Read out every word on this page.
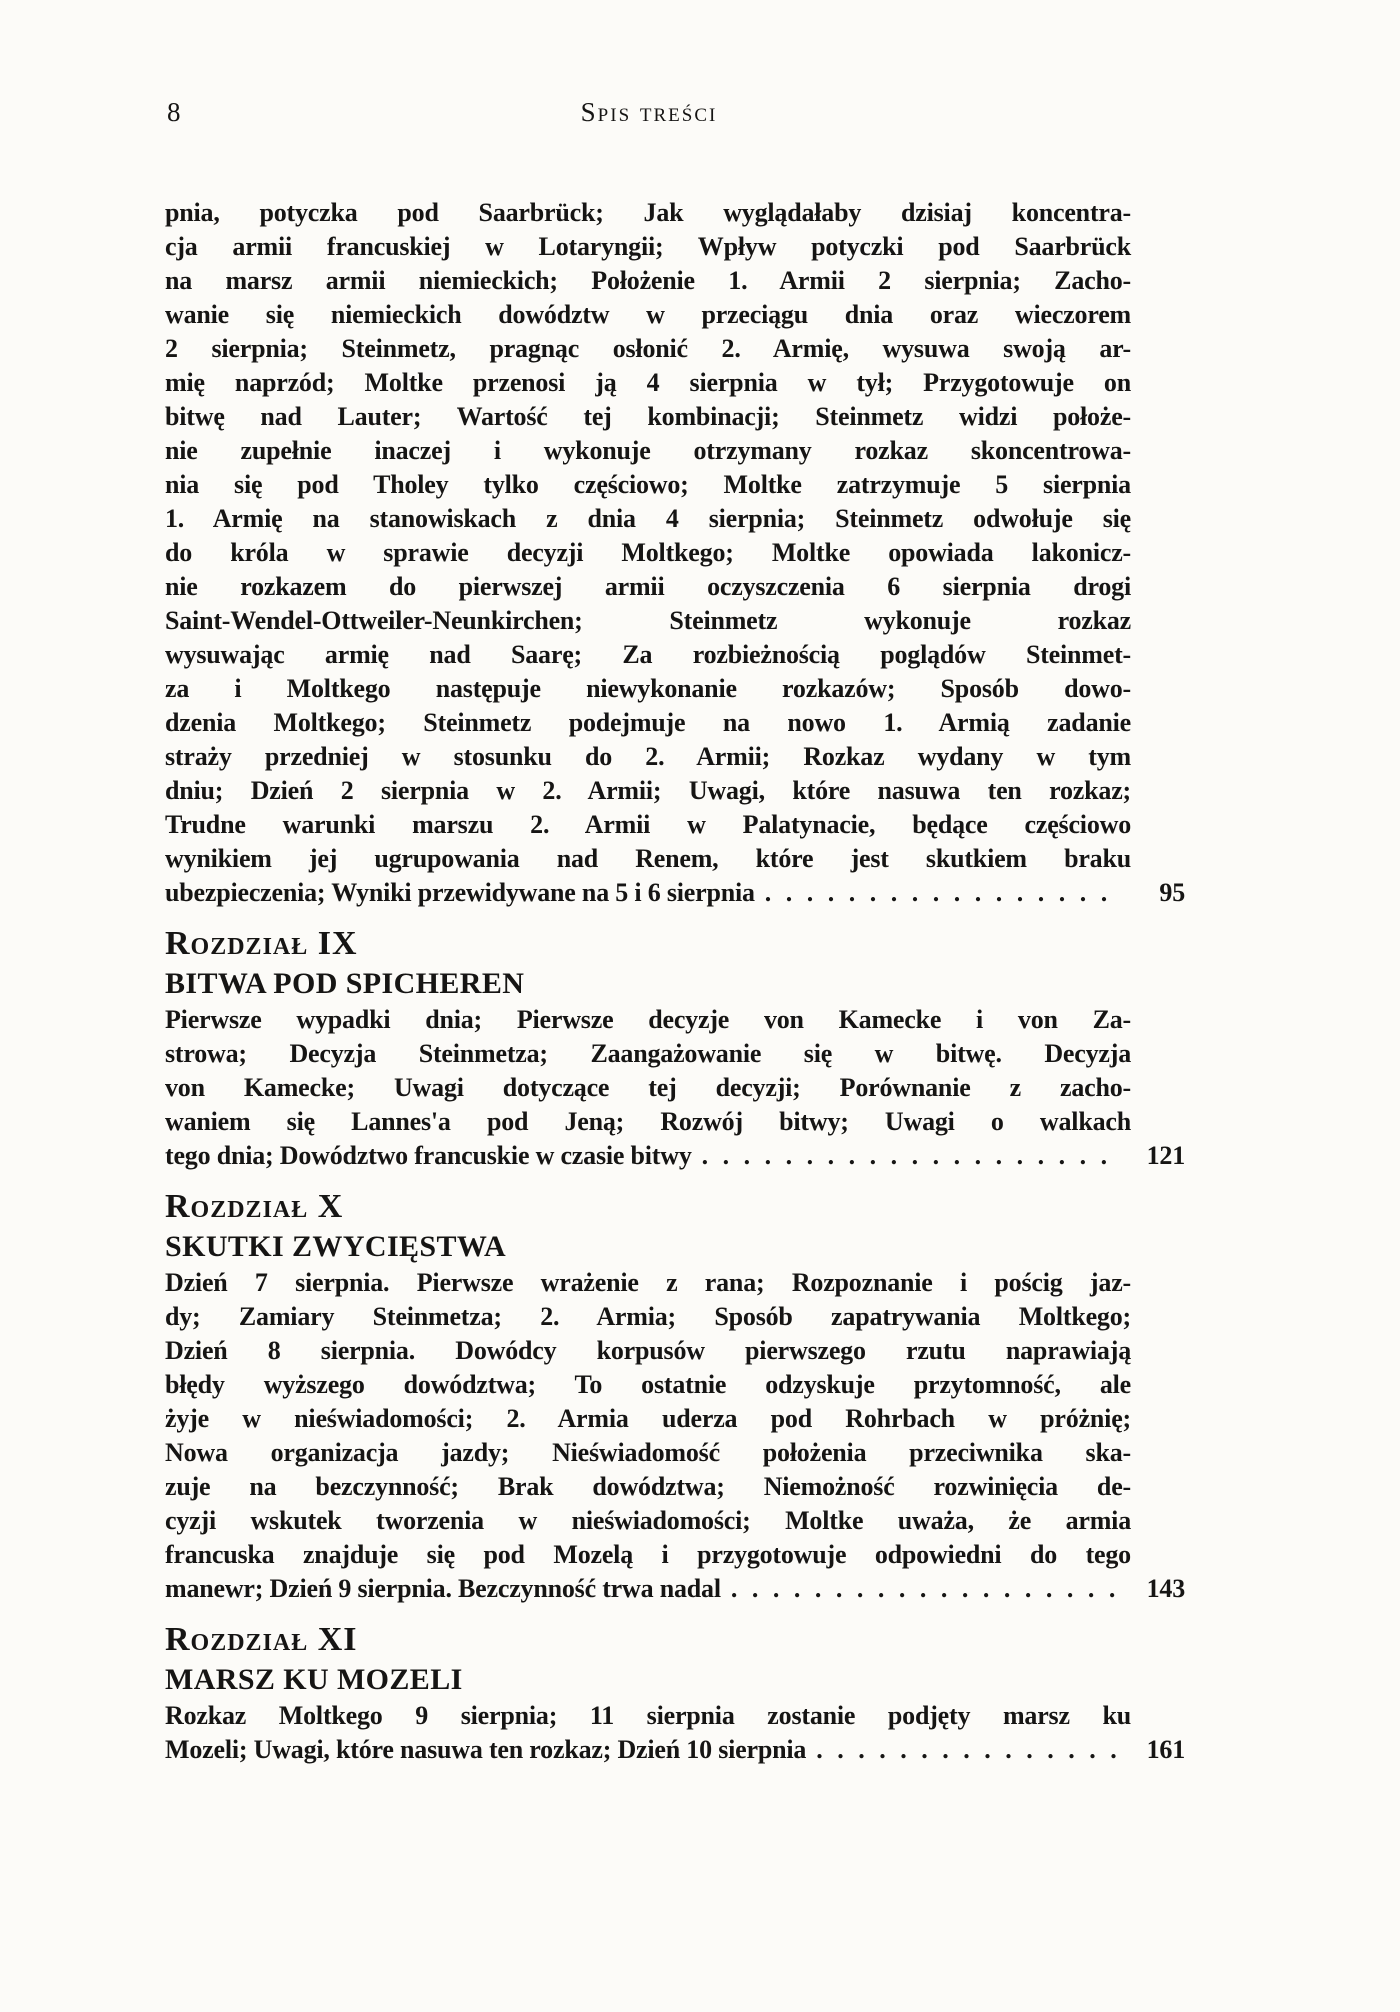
8	Spis treści
pnia, potyczka pod Saarbrück; Jak wyglądałaby dzisiaj koncentra-
cja armii francuskiej w Lotaryngii; Wpływ potyczki pod Saarbrück
na marsz armii niemieckich; Położenie 1. Armii 2 sierpnia; Zacho-
wanie się niemieckich dowództw w przeciągu dnia oraz wieczorem
2 sierpnia; Steinmetz, pragnąc osłonić 2. Armię, wysuwa swoją ar-
mię naprzód; Moltke przenosi ją 4 sierpnia w tył; Przygotowuje on
bitwę nad Lauter; Wartość tej kombinacji; Steinmetz widzi położe-
nie zupełnie inaczej i wykonuje otrzymany rozkaz skoncentrowa-
nia się pod Tholey tylko częściowo; Moltke zatrzymuje 5 sierpnia
1. Armię na stanowiskach z dnia 4 sierpnia; Steinmetz odwołuje się
do króla w sprawie decyzji Moltkego; Moltke opowiada lakonicz-
nie rozkazem do pierwszej armii oczyszczenia 6 sierpnia drogi
Saint-Wendel-Ottweiler-Neunkirchen; Steinmetz wykonuje rozkaz
wysuwając armię nad Saarę; Za rozbieżnością poglądów Steinmet-
za i Moltkego następuje niewykonanie rozkazów; Sposób dowo-
dzenia Moltkego; Steinmetz podejmuje na nowo 1. Armią zadanie
straży przedniej w stosunku do 2. Armii; Rozkaz wydany w tym
dniu; Dzień 2 sierpnia w 2. Armii; Uwagi, które nasuwa ten rozkaz;
Trudne warunki marszu 2. Armii w Palatynacie, będące częściowo
wynikiem jej ugrupowania nad Renem, które jest skutkiem braku
ubezpieczenia; Wyniki przewidywane na 5 i 6 sierpnia . . .	95
Rozdział IX
BITWA POD SPICHEREN
Pierwsze wypadki dnia; Pierwsze decyzje von Kamecke i von Za-
strowa; Decyzja Steinmetza; Zaangażowanie się w bitwę. Decyzja
von Kamecke; Uwagi dotyczące tej decyzji; Porównanie z zacho-
waniem się Lannes'a pod Jeną; Rozwój bitwy; Uwagi o walkach
tego dnia; Dowództwo francuskie w czasie bitwy . . .	121
Rozdział X
SKUTKI ZWYCIĘSTWA
Dzień 7 sierpnia. Pierwsze wrażenie z rana; Rozpoznanie i pościg jaz-
dy; Zamiary Steinmetza; 2. Armia; Sposób zapatrywania Moltkego;
Dzień 8 sierpnia. Dowódcy korpusów pierwszego rzutu naprawiają
błędy wyższego dowództwa; To ostatnie odzyskuje przytomność, ale
żyje w nieświadomości; 2. Armia uderza pod Rohrbach w próżnię;
Nowa organizacja jazdy; Nieświadomość położenia przeciwnika ska-
zuje na bezczynność; Brak dowództwa; Niemożność rozwinięcia de-
cyzji wskutek tworzenia w nieświadomości; Moltke uważa, że armia
francuska znajduje się pod Mozelą i przygotowuje odpowiedni do tego
manewr; Dzień 9 sierpnia. Bezczynność trwa nadal . . .	143
Rozdział XI
MARSZ KU MOZELI
Rozkaz Moltkego 9 sierpnia; 11 sierpnia zostanie podjęty marsz ku
Mozeli; Uwagi, które nasuwa ten rozkaz; Dzień 10 sierpnia . . .	161
